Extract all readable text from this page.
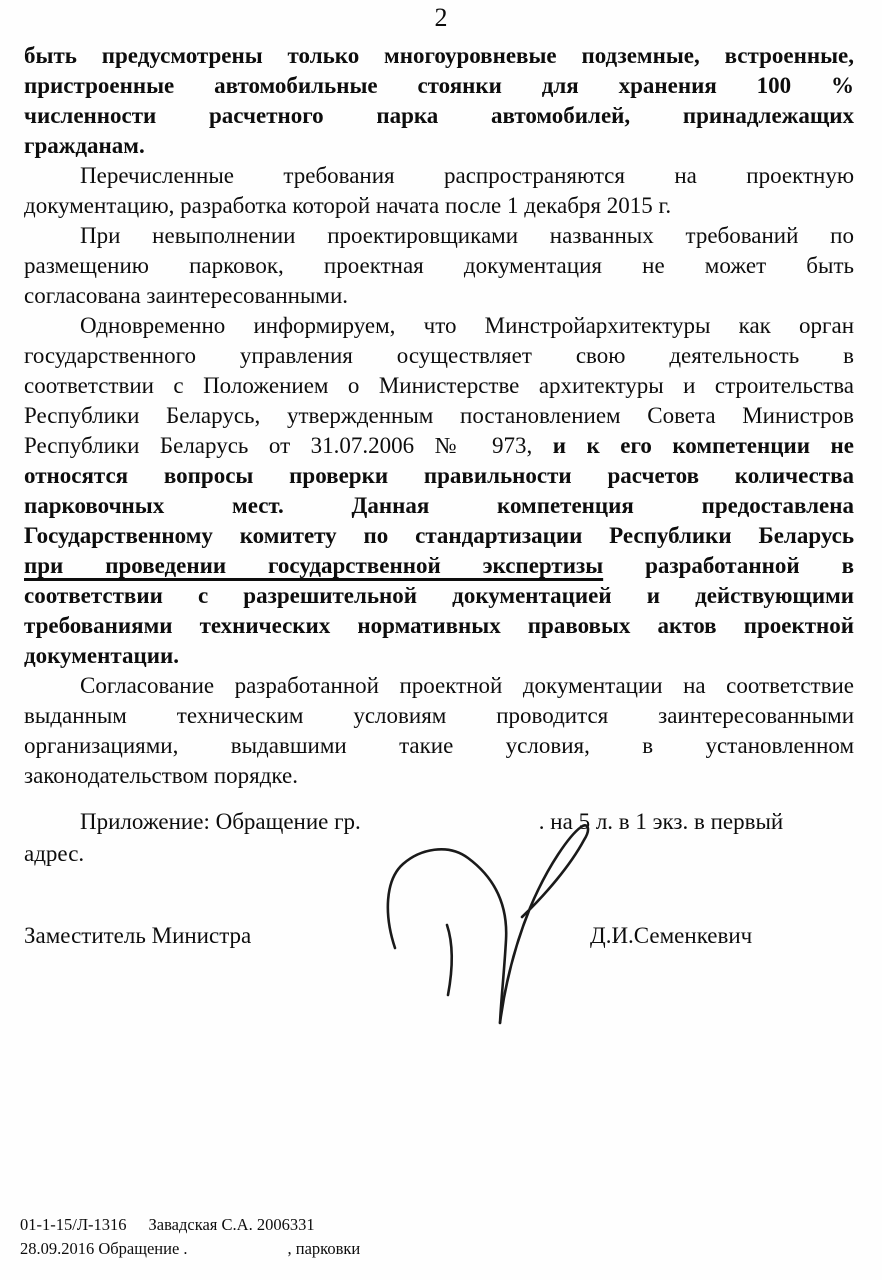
2
быть предусмотрены только многоуровневые подземные, встроенные,
пристроенные автомобильные стоянки для хранения 100 %
численности расчетного парка автомобилей, принадлежащих
гражданам.
Перечисленные требования распространяются на проектную
документацию, разработка которой начата после 1 декабря 2015 г.
При невыполнении проектировщиками названных требований по
размещению парковок, проектная документация не может быть
согласована заинтересованными.
Одновременно информируем, что Минстройархитектуры как орган
государственного управления осуществляет свою деятельность в
соответствии с Положением о Министерстве архитектуры и строительства
Республики Беларусь, утвержденным постановлением Совета Министров
Республики Беларусь от 31.07.2006 № 973, и к его компетенции не
относятся вопросы проверки правильности расчетов количества
парковочных мест. Данная компетенция предоставлена
Государственному комитету по стандартизации Республики Беларусь
при проведении государственной экспертизы разработанной в
соответствии с разрешительной документацией и действующими
требованиями технических нормативных правовых актов проектной
документации.
Согласование разработанной проектной документации на соответствие
выданным техническим условиям проводится заинтересованными
организациями, выдавшими такие условия, в установленном
законодательством порядке.
Приложение: Обращение гр.	. на 5 л. в 1 экз. в первый
адрес.
Заместитель Министра	Д.И.Семенкевич
01-1-15/Л-1316 Завадская С.А. 2006331
28.09.2016 Обращение .	, парковки
